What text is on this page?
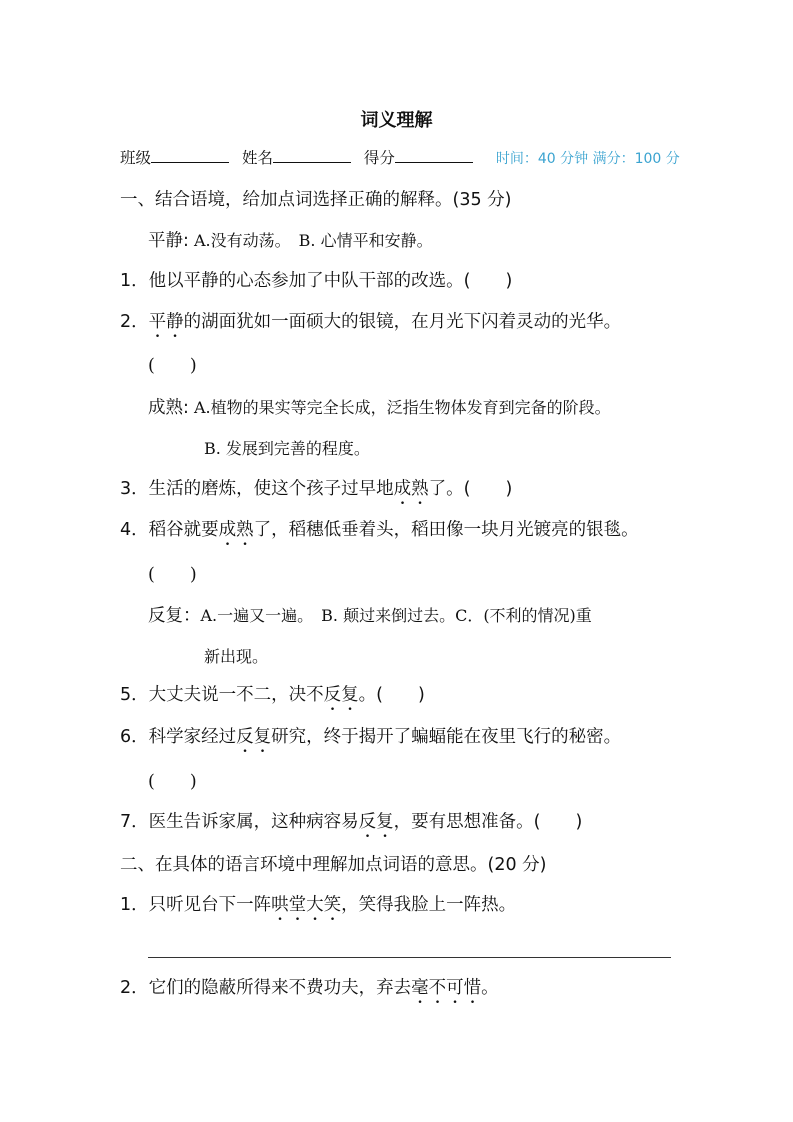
词义理解
班级	姓名	得分	时间：40 分钟 满分：100 分
一、结合语境，给加点词选择正确的解释。(35 分)
平静: A.没有动荡。　B. 心情平和安静。
1．他以平静的心态参加了中队干部的改选。(　　)
2．平静的湖面犹如一面硕大的银镜，在月光下闪着灵动的光华。
(　　)
成熟: A.植物的果实等完全长成，泛指生物体发育到完备的阶段。
B. 发展到完善的程度。
3．生活的磨炼，使这个孩子过早地成熟了。(　　)
4．稻谷就要成熟了，稻穗低垂着头，稻田像一块月光镀亮的银毯。
(　　)
反复：A.一遍又一遍。　B. 颠过来倒过去。C．(不利的情况)重
新出现。
5．大丈夫说一不二，决不反复。(　　)
6．科学家经过反复研究，终于揭开了蝙蝠能在夜里飞行的秘密。
(　　)
7．医生告诉家属，这种病容易反复，要有思想准备。(　　)
二、在具体的语言环境中理解加点词语的意思。(20 分)
1．只听见台下一阵哄堂大笑，笑得我脸上一阵热。
2．它们的隐蔽所得来不费功夫，弃去毫不可惜。
